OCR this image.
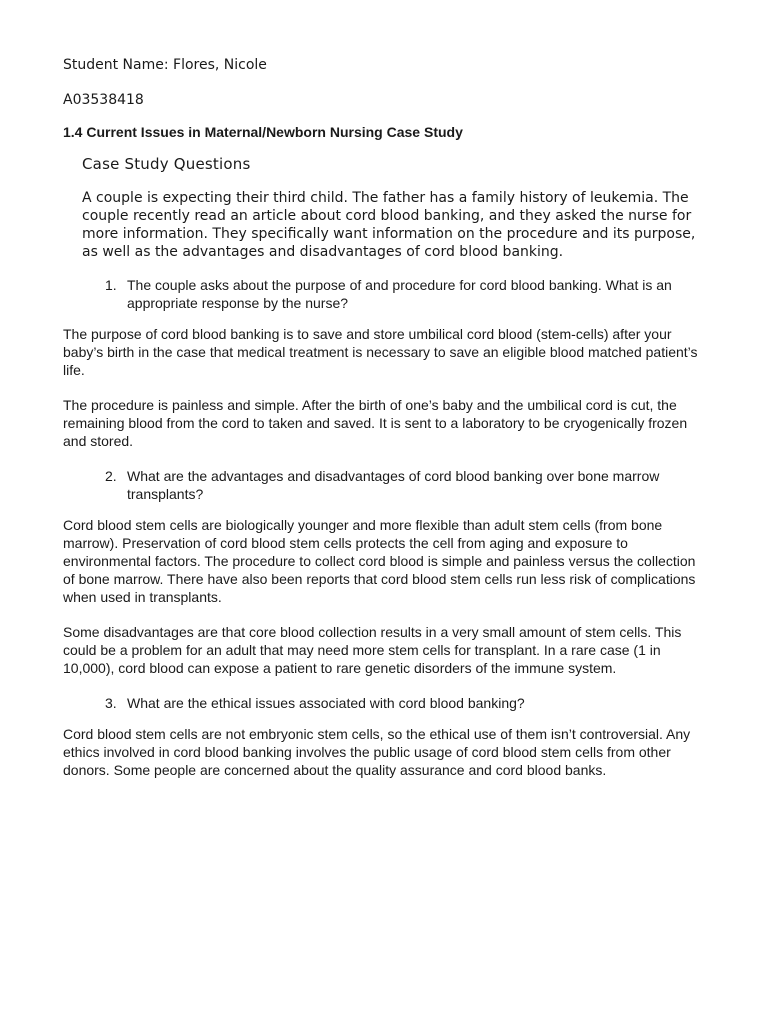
Student Name: Flores, Nicole

A03538418

1.4 Current Issues in Maternal/Newborn Nursing Case Study

Case Study Questions

A couple is expecting their third child. The father has a family history of leukemia. The couple recently read an article about cord blood banking, and they asked the nurse for more information. They specifically want information on the procedure and its purpose, as well as the advantages and disadvantages of cord blood banking.

1. The couple asks about the purpose of and procedure for cord blood banking. What is an appropriate response by the nurse?

The purpose of cord blood banking is to save and store umbilical cord blood (stem-cells) after your baby’s birth in the case that medical treatment is necessary to save an eligible blood matched patient’s life.

The procedure is painless and simple. After the birth of one’s baby and the umbilical cord is cut, the remaining blood from the cord to taken and saved. It is sent to a laboratory to be cryogenically frozen and stored.

2. What are the advantages and disadvantages of cord blood banking over bone marrow transplants?

Cord blood stem cells are biologically younger and more flexible than adult stem cells (from bone marrow). Preservation of cord blood stem cells protects the cell from aging and exposure to environmental factors. The procedure to collect cord blood is simple and painless versus the collection of bone marrow. There have also been reports that cord blood stem cells run less risk of complications when used in transplants.

Some disadvantages are that core blood collection results in a very small amount of stem cells. This could be a problem for an adult that may need more stem cells for transplant. In a rare case (1 in 10,000), cord blood can expose a patient to rare genetic disorders of the immune system.

3. What are the ethical issues associated with cord blood banking?

Cord blood stem cells are not embryonic stem cells, so the ethical use of them isn’t controversial. Any ethics involved in cord blood banking involves the public usage of cord blood stem cells from other donors. Some people are concerned about the quality assurance and cord blood banks.
